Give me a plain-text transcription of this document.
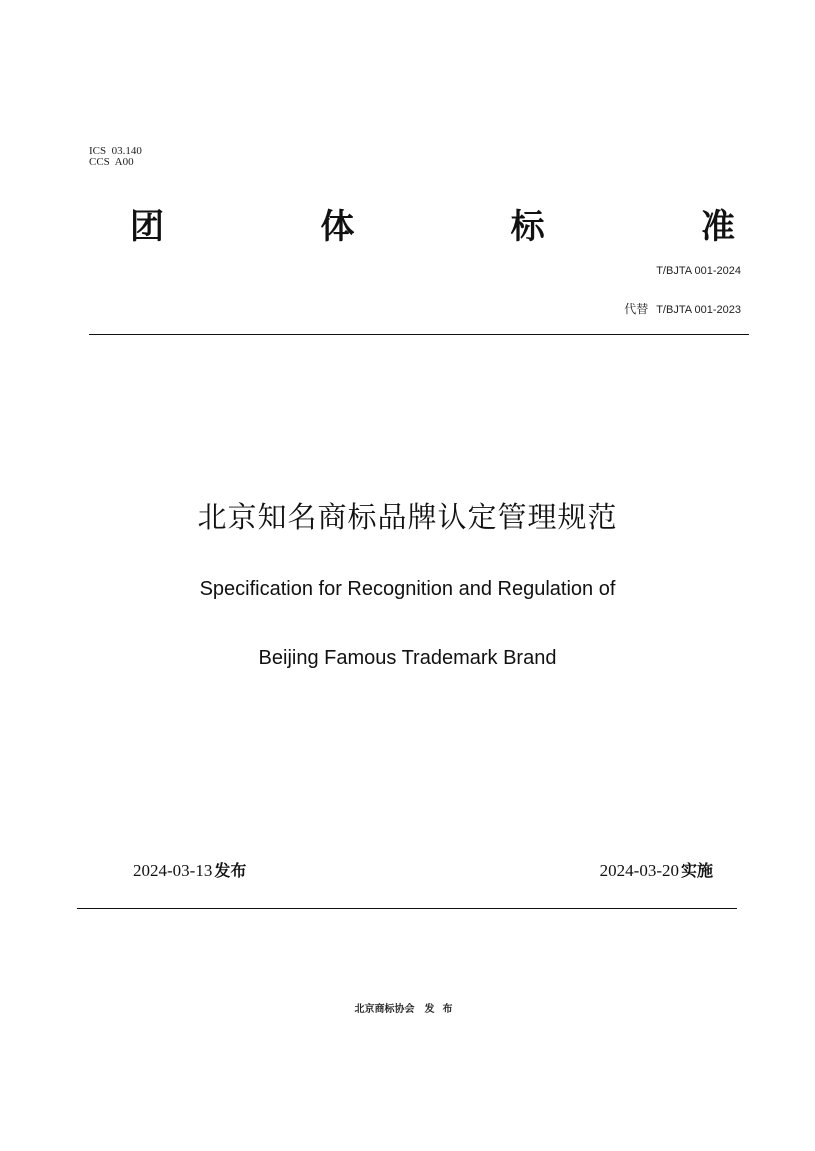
ICS  03.140
CCS  A00
团	体	标	准
T/BJTA 001-2024
代替 T/BJTA 001-2023
北京知名商标品牌认定管理规范
Specification for Recognition and Regulation of
Beijing Famous Trademark Brand
2024-03-13 发布	2024-03-20 实施
北京商标协会 发布
